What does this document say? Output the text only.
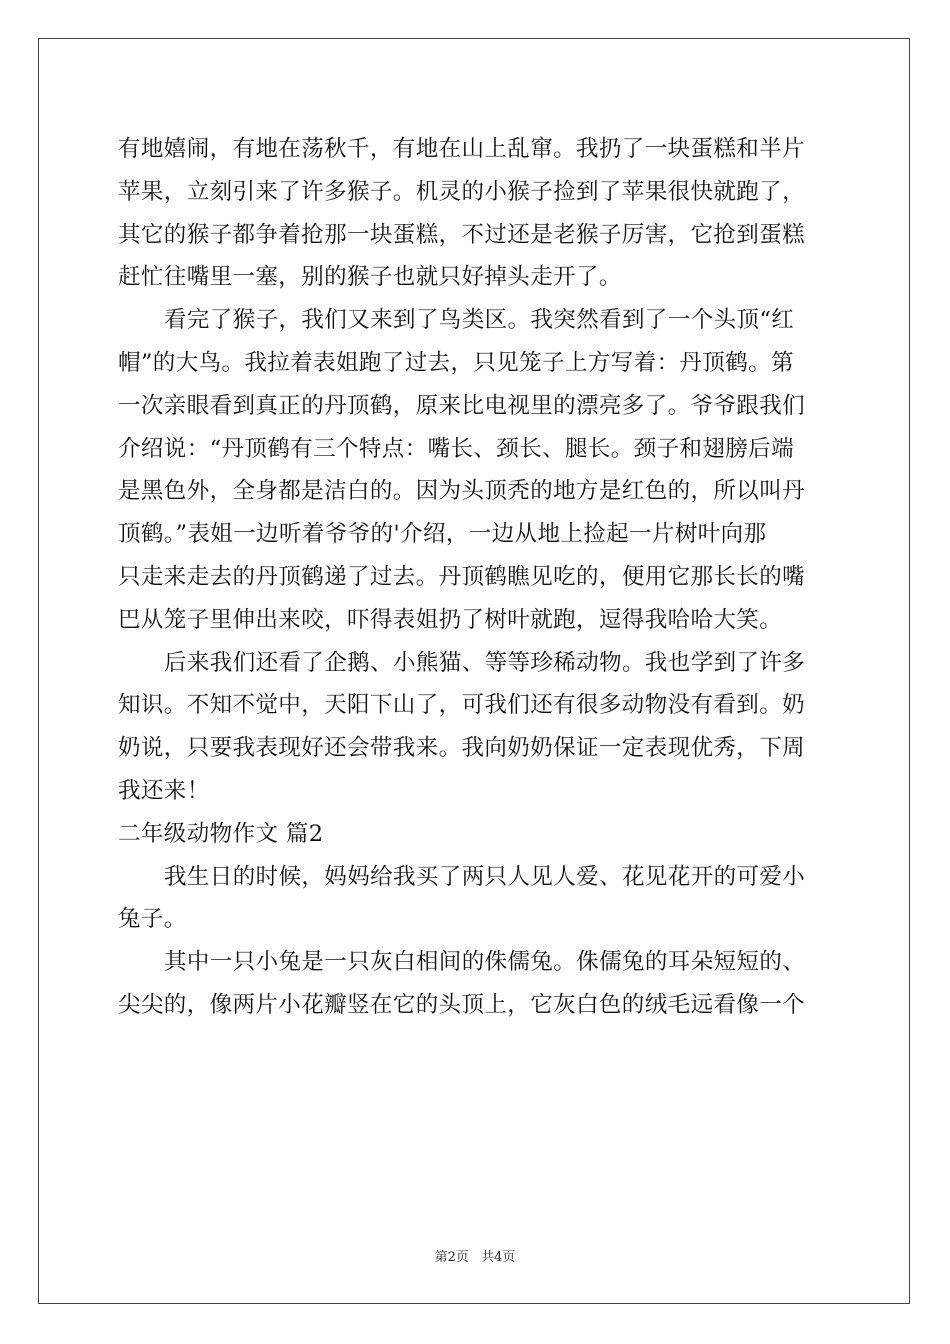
有地嬉闹，有地在荡秋千，有地在山上乱窜。我扔了一块蛋糕和半片
苹果，立刻引来了许多猴子。机灵的小猴子捡到了苹果很快就跑了，
其它的猴子都争着抢那一块蛋糕，不过还是老猴子厉害，它抢到蛋糕
赶忙往嘴里一塞，别的猴子也就只好掉头走开了。
看完了猴子，我们又来到了鸟类区。我突然看到了一个头顶“红
帽”的大鸟。我拉着表姐跑了过去，只见笼子上方写着：丹顶鹤。第
一次亲眼看到真正的丹顶鹤，原来比电视里的漂亮多了。爷爷跟我们
介绍说：“丹顶鹤有三个特点：嘴长、颈长、腿长。颈子和翅膀后端
是黑色外，全身都是洁白的。因为头顶秃的地方是红色的，所以叫丹
顶鹤。”表姐一边听着爷爷的'介绍，一边从地上捡起一片树叶向那
只走来走去的丹顶鹤递了过去。丹顶鹤瞧见吃的，便用它那长长的嘴
巴从笼子里伸出来咬，吓得表姐扔了树叶就跑，逗得我哈哈大笑。
后来我们还看了企鹅、小熊猫、等等珍稀动物。我也学到了许多
知识。不知不觉中，天阳下山了，可我们还有很多动物没有看到。奶
奶说，只要我表现好还会带我来。我向奶奶保证一定表现优秀，下周
我还来！
二年级动物作文 篇2
我生日的时候，妈妈给我买了两只人见人爱、花见花开的可爱小
兔子。
其中一只小兔是一只灰白相间的侏儒兔。侏儒兔的耳朵短短的、
尖尖的，像两片小花瓣竖在它的头顶上，它灰白色的绒毛远看像一个
第2页 共4页
